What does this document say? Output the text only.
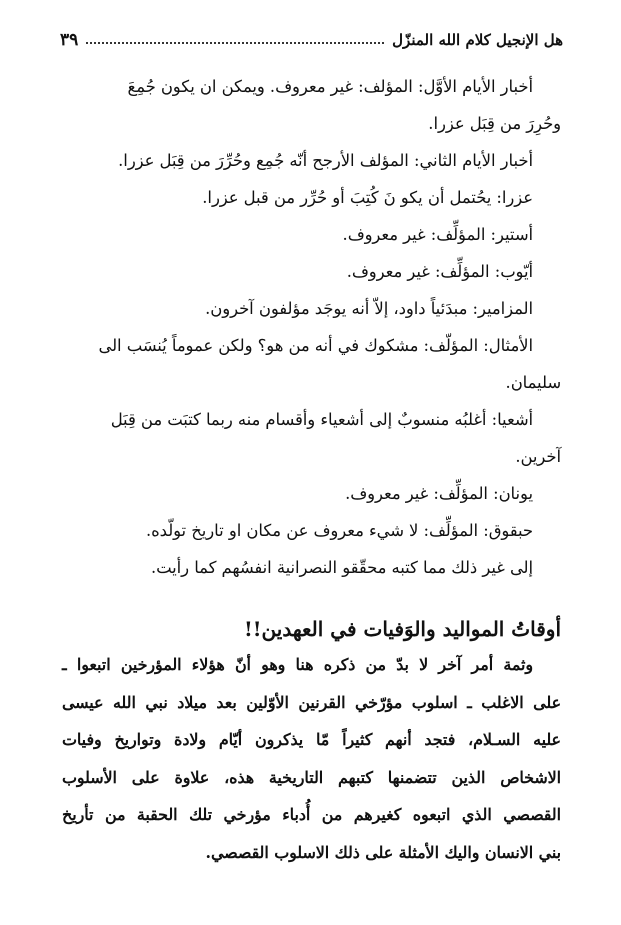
هل الإنجيل كلام الله المنزّل
٣٩

أخبار الأيام الأوَّل: المؤلف: غير معروف. ويمكن ان يكون جُمِعَ
وحُرِرَ من قِبَل عزرا.

أخبار الأيام الثاني: المؤلف الأرجح أنّه جُمِع وحُرِّرَ من قِبَل عزرا.

عزرا: يحُتمل أن يكو نَ كُتِبَ أو حُرِّر من قبل عزرا.

أستير: المؤلِّف: غير معروف.

أيّوب: المؤلِّف: غير معروف.

المزامير: مبدَئياً داود، إلاّ أنه يوجَد مؤلفون آخرون.

الأمثال: المؤلّف: مشكوك في أنه من هو؟ ولكن عموماً يُنسَب الى
سليمان.

أشعيا: أغلبُه منسوبٌ إلى أشعياء وأقسام منه ربما كتبَت من قِبَل
آخرين.

يونان: المؤلِّف: غير معروف.

حبقوق: المؤلِّف: لا شيء معروف عن مكان او تاريخ تولّده.

إلى غير ذلك مما كتبه محقّقو النصرانية انفسُهم كما رأيت.

أوقاتُ المواليد والوَفيات في العهدين!!

وثمة أمر آخر لا بدّ من ذكره هنا وهو أنّ هؤلاء المؤرخين اتبعوا ـ
على الاغلب ـ اسلوب مؤرّخي القرنين الأوّلين بعد ميلاد نبي الله عيسى
عليه السـلام، فتجد أنهم كثيراً مّا يذكرون أيّام ولادة وتواريخ وفيات
الاشخاص الذين تتضمنها كتبهم التاريخية هذه، علاوة على الأسلوب
القصصي الذي اتبعوه كغيرهم من أُدباء مؤرخي تلك الحقبة من تأريخ
بني الانسان واليك الأمثلة على ذلك الاسلوب القصصي.
